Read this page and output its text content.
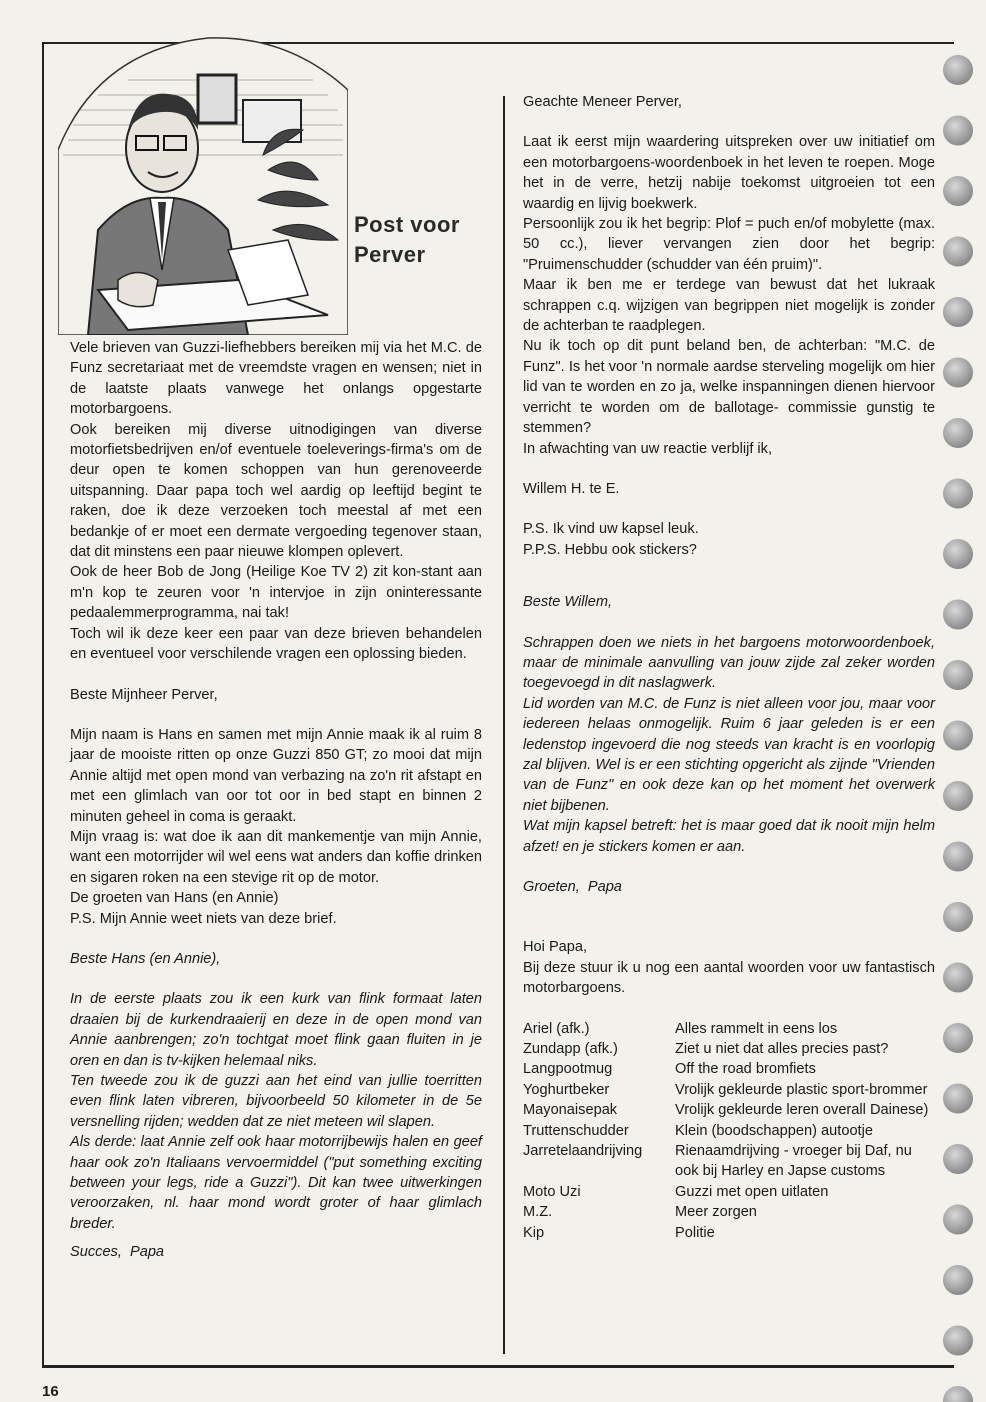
Post voor
Perver

Vele brieven van Guzzi-liefhebbers bereiken mij via het M.C. de Funz secretariaat met de vreemdste vragen en wensen; niet in de laatste plaats vanwege het onlangs opgestarte motorbargoens.

Ook bereiken mij diverse uitnodigingen van diverse motorfietsbedrijven en/of eventuele toeleverings-firma's om de deur open te komen schoppen van hun gerenoveerde uitspanning. Daar papa toch wel aardig op leeftijd begint te raken, doe ik deze verzoeken toch meestal af met een bedankje of er moet een dermate vergoeding tegenover staan, dat dit minstens een paar nieuwe klompen oplevert.

Ook de heer Bob de Jong (Heilige Koe TV 2) zit kon-stant aan m'n kop te zeuren voor 'n intervjoe in zijn oninteressante pedaalemmerprogramma, nai tak!

Toch wil ik deze keer een paar van deze brieven behandelen en eventueel voor verschilende vragen een oplossing bieden.

Beste Mijnheer Perver,

Mijn naam is Hans en samen met mijn Annie maak ik al ruim 8 jaar de mooiste ritten op onze Guzzi 850 GT; zo mooi dat mijn Annie altijd met open mond van verbazing na zo'n rit afstapt en met een glimlach van oor tot oor in bed stapt en binnen 2 minuten geheel in coma is geraakt.

Mijn vraag is: wat doe ik aan dit mankementje van mijn Annie, want een motorrijder wil wel eens wat anders dan koffie drinken en sigaren roken na een stevige rit op de motor.

De groeten van Hans (en Annie)

P.S. Mijn Annie weet niets van deze brief.

Beste Hans (en Annie),

In de eerste plaats zou ik een kurk van flink formaat laten draaien bij de kurkendraaierij en deze in de open mond van Annie aanbrengen; zo'n tochtgat moet flink gaan fluiten in je oren en dan is tv-kijken helemaal niks.

Ten tweede zou ik de guzzi aan het eind van jullie toerritten even flink laten vibreren, bijvoorbeeld 50 kilometer in de 5e versnelling rijden; wedden dat ze niet meteen wil slapen.

Als derde: laat Annie zelf ook haar motorrijbewijs halen en geef haar ook zo'n Italiaans vervoermiddel ("put something exciting between your legs, ride a Guzzi"). Dit kan twee uitwerkingen veroorzaken, nl. haar mond wordt groter of haar glimlach breder.

Succes, Papa

Geachte Meneer Perver,

Laat ik eerst mijn waardering uitspreken over uw initiatief om een motorbargoens-woordenboek in het leven te roepen. Moge het in de verre, hetzij nabije toekomst uitgroeien tot een waardig en lijvig boekwerk.

Persoonlijk zou ik het begrip: Plof = puch en/of mobylette (max. 50 cc.), liever vervangen zien door het begrip: "Pruimenschudder (schudder van één pruim)".

Maar ik ben me er terdege van bewust dat het lukraak schrappen c.q. wijzigen van begrippen niet mogelijk is zonder de achterban te raadplegen.

Nu ik toch op dit punt beland ben, de achterban: "M.C. de Funz". Is het voor 'n normale aardse sterveling mogelijk om hier lid van te worden en zo ja, welke inspanningen dienen hiervoor verricht te worden om de ballotage- commissie gunstig te stemmen?

In afwachting van uw reactie verblijf ik,

Willem H. te E.

P.S. Ik vind uw kapsel leuk.

P.P.S. Hebbu ook stickers?

Beste Willem,

Schrappen doen we niets in het bargoens motorwoordenboek, maar de minimale aanvulling van jouw zijde zal zeker worden toegevoegd in dit naslagwerk.

Lid worden van M.C. de Funz is niet alleen voor jou, maar voor iedereen helaas onmogelijk. Ruim 6 jaar geleden is er een ledenstop ingevoerd die nog steeds van kracht is en voorlopig zal blijven. Wel is er een stichting opgericht als zijnde "Vrienden van de Funz" en ook deze kan op het moment het overwerk niet bijbenen.

Wat mijn kapsel betreft: het is maar goed dat ik nooit mijn helm afzet! en je stickers komen er aan.

Groeten, Papa

Hoi Papa,

Bij deze stuur ik u nog een aantal woorden voor uw fantastisch motorbargoens.

Ariel (afk.)	Alles rammelt in eens los
Zundapp (afk.)	Ziet u niet dat alles precies past?
Langpootmug	Off the road bromfiets
Yoghurtbeker	Vrolijk gekleurde plastic sport-brommer
Mayonaisepak	Vrolijk gekleurde leren overall Dainese)
Truttenschudder	Klein (boodschappen) autootje
Jarretelaandrijving	Rienaamdrijving - vroeger bij Daf, nu ook bij Harley en Japse customs
Moto Uzi	Guzzi met open uitlaten
M.Z.	Meer zorgen
Kip	Politie
16
